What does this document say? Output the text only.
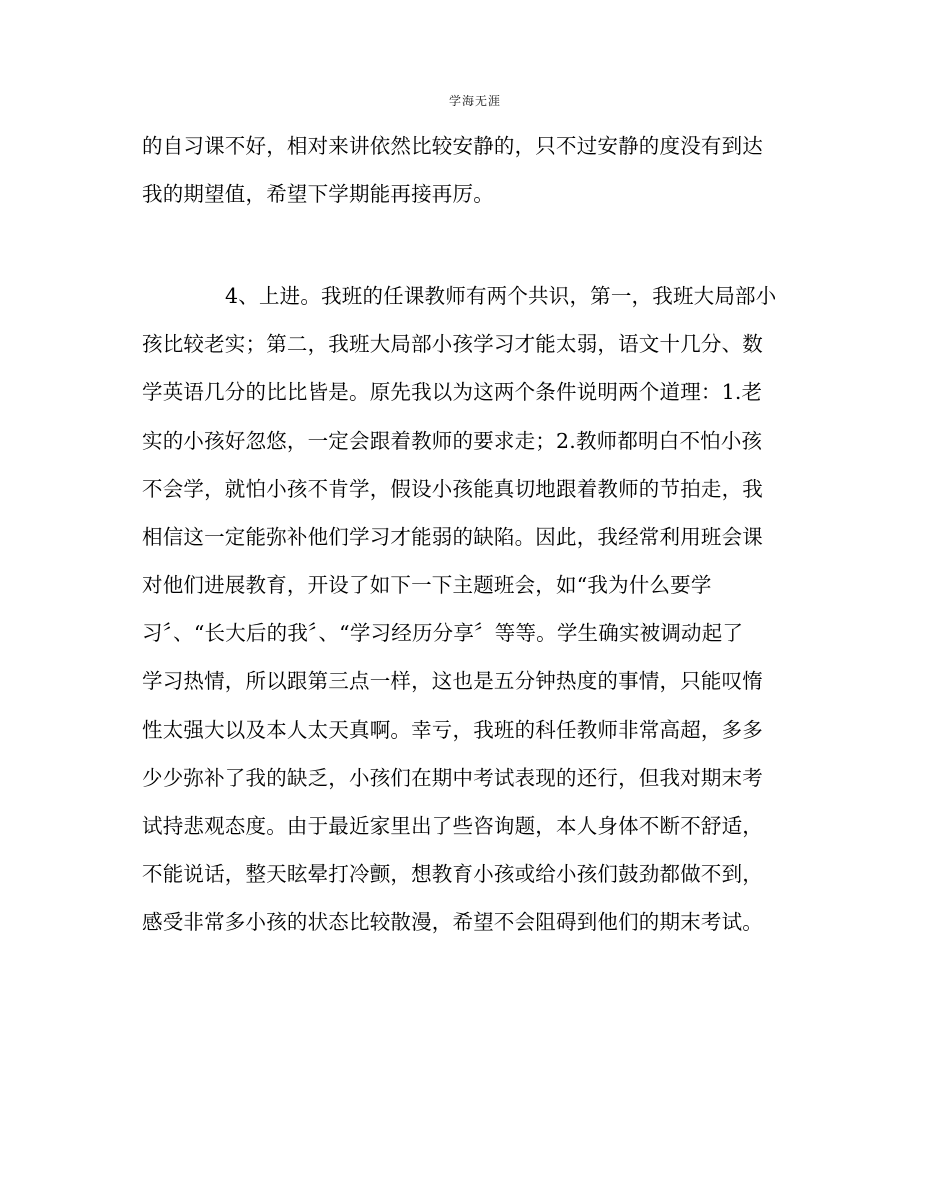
学海无涯
的自习课不好，相对来讲依然比较安静的，只不过安静的度没有到达
我的期望值，希望下学期能再接再厉。
4、上进。我班的任课教师有两个共识，第一，我班大局部小
孩比较老实；第二，我班大局部小孩学习才能太弱，语文十几分、数
学英语几分的比比皆是。原先我以为这两个条件说明两个道理：1.老
实的小孩好忽悠，一定会跟着教师的要求走；2.教师都明白不怕小孩
不会学，就怕小孩不肯学，假设小孩能真切地跟着教师的节拍走，我
相信这一定能弥补他们学习才能弱的缺陷。因此，我经常利用班会课
对他们进展教育，开设了如下一下主题班会，如“我为什么要学
习〞、“长大后的我〞、“学习经历分享〞等等。学生确实被调动起了
学习热情，所以跟第三点一样，这也是五分钟热度的事情，只能叹惰
性太强大以及本人太天真啊。幸亏，我班的科任教师非常高超，多多
少少弥补了我的缺乏，小孩们在期中考试表现的还行，但我对期末考
试持悲观态度。由于最近家里出了些咨询题，本人身体不断不舒适，
不能说话，整天眩晕打冷颤，想教育小孩或给小孩们鼓劲都做不到，
感受非常多小孩的状态比较散漫，希望不会阻碍到他们的期末考试。
